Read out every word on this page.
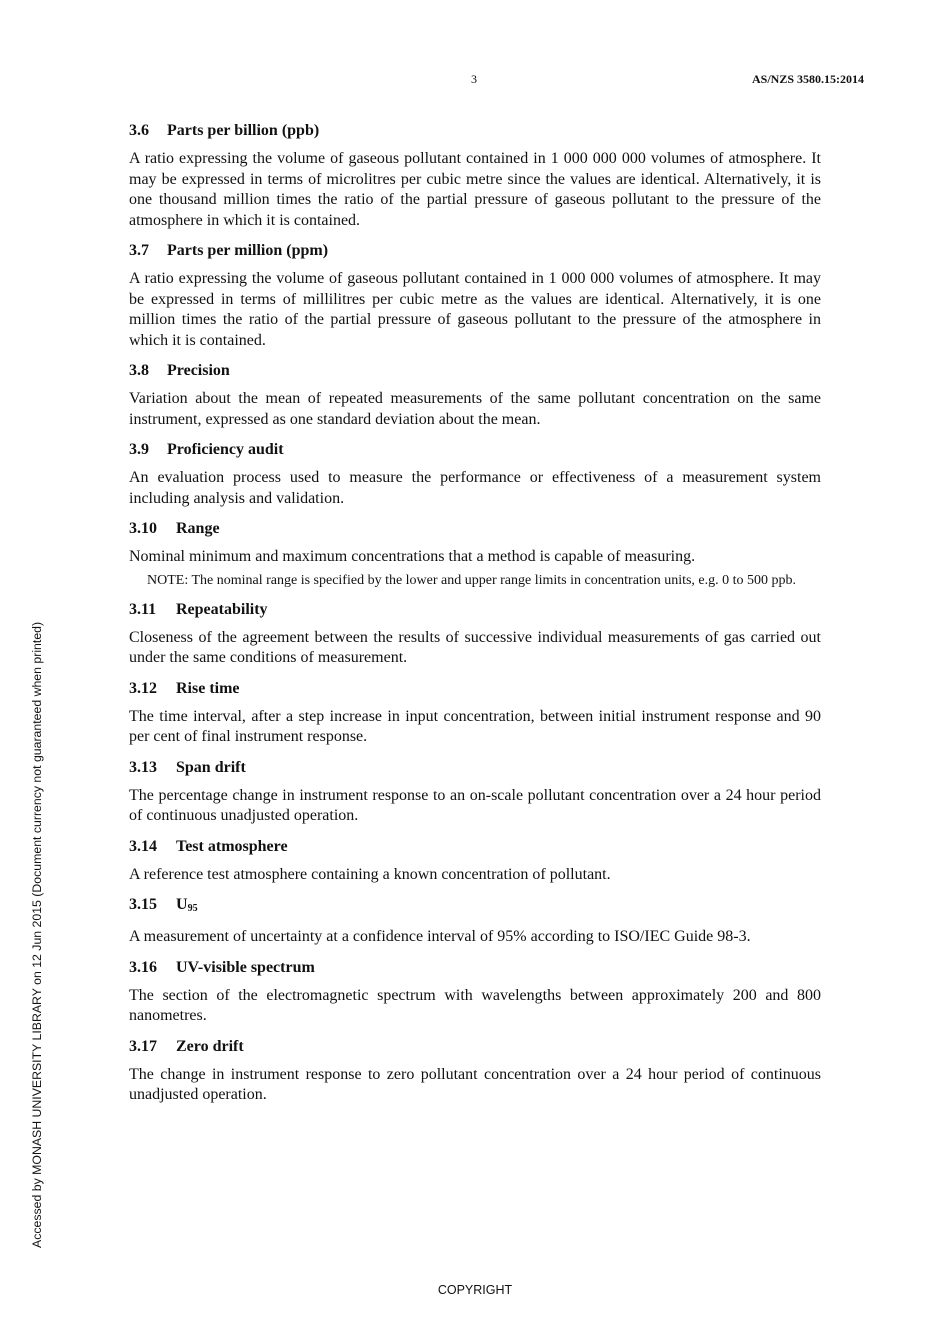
3	AS/NZS 3580.15:2014
3.6 Parts per billion (ppb)

A ratio expressing the volume of gaseous pollutant contained in 1 000 000 000 volumes of atmosphere. It may be expressed in terms of microlitres per cubic metre since the values are identical. Alternatively, it is one thousand million times the ratio of the partial pressure of gaseous pollutant to the pressure of the atmosphere in which it is contained.

3.7 Parts per million (ppm)

A ratio expressing the volume of gaseous pollutant contained in 1 000 000 volumes of atmosphere. It may be expressed in terms of millilitres per cubic metre as the values are identical. Alternatively, it is one million times the ratio of the partial pressure of gaseous pollutant to the pressure of the atmosphere in which it is contained.

3.8 Precision

Variation about the mean of repeated measurements of the same pollutant concentration on the same instrument, expressed as one standard deviation about the mean.

3.9 Proficiency audit

An evaluation process used to measure the performance or effectiveness of a measurement system including analysis and validation.

3.10 Range

Nominal minimum and maximum concentrations that a method is capable of measuring.

NOTE: The nominal range is specified by the lower and upper range limits in concentration units, e.g. 0 to 500 ppb.

3.11 Repeatability

Closeness of the agreement between the results of successive individual measurements of gas carried out under the same conditions of measurement.

3.12 Rise time

The time interval, after a step increase in input concentration, between initial instrument response and 90 per cent of final instrument response.

3.13 Span drift

The percentage change in instrument response to an on-scale pollutant concentration over a 24 hour period of continuous unadjusted operation.

3.14 Test atmosphere

A reference test atmosphere containing a known concentration of pollutant.

3.15 $U_{95}$

A measurement of uncertainty at a confidence interval of 95% according to ISO/IEC Guide 98-3.

3.16 UV-visible spectrum

The section of the electromagnetic spectrum with wavelengths between approximately 200 and 800 nanometres.

3.17 Zero drift

The change in instrument response to zero pollutant concentration over a 24 hour period of continuous unadjusted operation.

Accessed by MONASH UNIVERSITY LIBRARY on 12 Jun 2015 (Document currency not guaranteed when printed)
COPYRIGHT
